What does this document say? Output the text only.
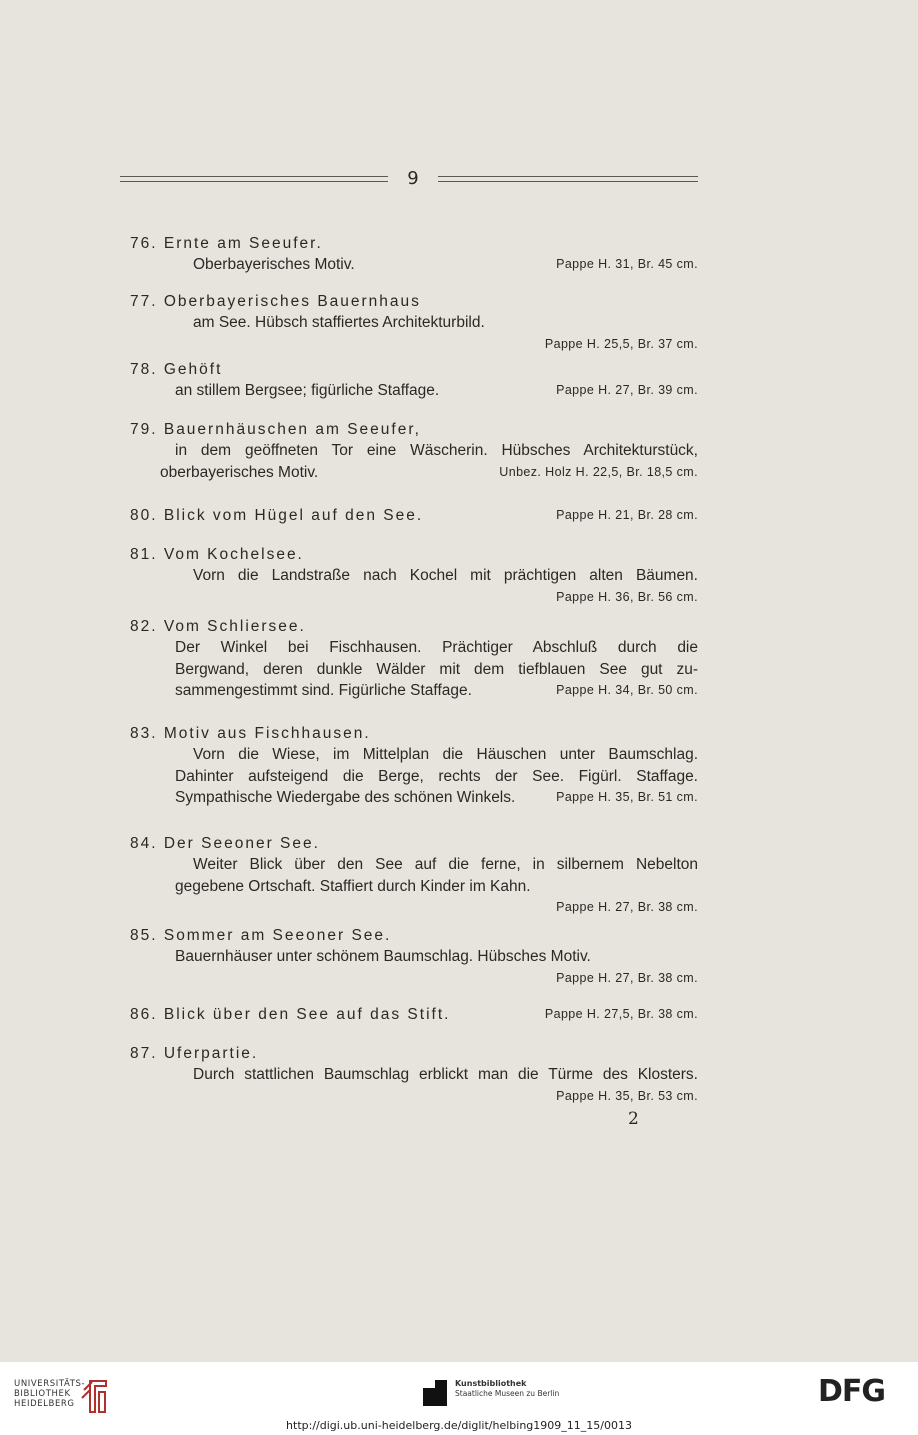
9
76. Ernte am Seeufer.
Oberbayerisches Motiv.	Pappe H. 31, Br. 45 cm.
77. Oberbayerisches Bauernhaus
am See. Hübsch staffiertes Architekturbild.
Pappe H. 25,5, Br. 37 cm.
78. Gehöft
an stillem Bergsee; figürliche Staffage.	Pappe H. 27, Br. 39 cm.
79. Bauernhäuschen am Seeufer,
in dem geöffneten Tor eine Wäscherin. Hübsches Architekturstück,
oberbayerisches Motiv.	Unbez. Holz H. 22,5, Br. 18,5 cm.
80. Blick vom Hügel auf den See.	Pappe H. 21, Br. 28 cm.
81. Vom Kochelsee.
Vorn die Landstraße nach Kochel mit prächtigen alten Bäumen.
Pappe H. 36, Br. 56 cm.
82. Vom Schliersee.
Der Winkel bei Fischhausen. Prächtiger Abschluß durch die
Bergwand, deren dunkle Wälder mit dem tiefblauen See gut zu-
sammengestimmt sind. Figürliche Staffage.	Pappe H. 34, Br. 50 cm.
83. Motiv aus Fischhausen.
Vorn die Wiese, im Mittelplan die Häuschen unter Baumschlag.
Dahinter aufsteigend die Berge, rechts der See. Figürl. Staffage.
Sympathische Wiedergabe des schönen Winkels.	Pappe H. 35, Br. 51 cm.
84. Der Seeoner See.
Weiter Blick über den See auf die ferne, in silbernem Nebelton
gegebene Ortschaft. Staffiert durch Kinder im Kahn.
Pappe H. 27, Br. 38 cm.
85. Sommer am Seeoner See.
Bauernhäuser unter schönem Baumschlag. Hübsches Motiv.
Pappe H. 27, Br. 38 cm.
86. Blick über den See auf das Stift.	Pappe H. 27,5, Br. 38 cm.
87. Uferpartie.
Durch stattlichen Baumschlag erblickt man die Türme des Klosters.
Pappe H. 35, Br. 53 cm.
2
UNIVERSITÄTS-
BIBLIOTHEK
HEIDELBERG
Kunstbibliothek
Staatliche Museen zu Berlin	DFG
http://digi.ub.uni-heidelberg.de/diglit/helbing1909_11_15/0013
